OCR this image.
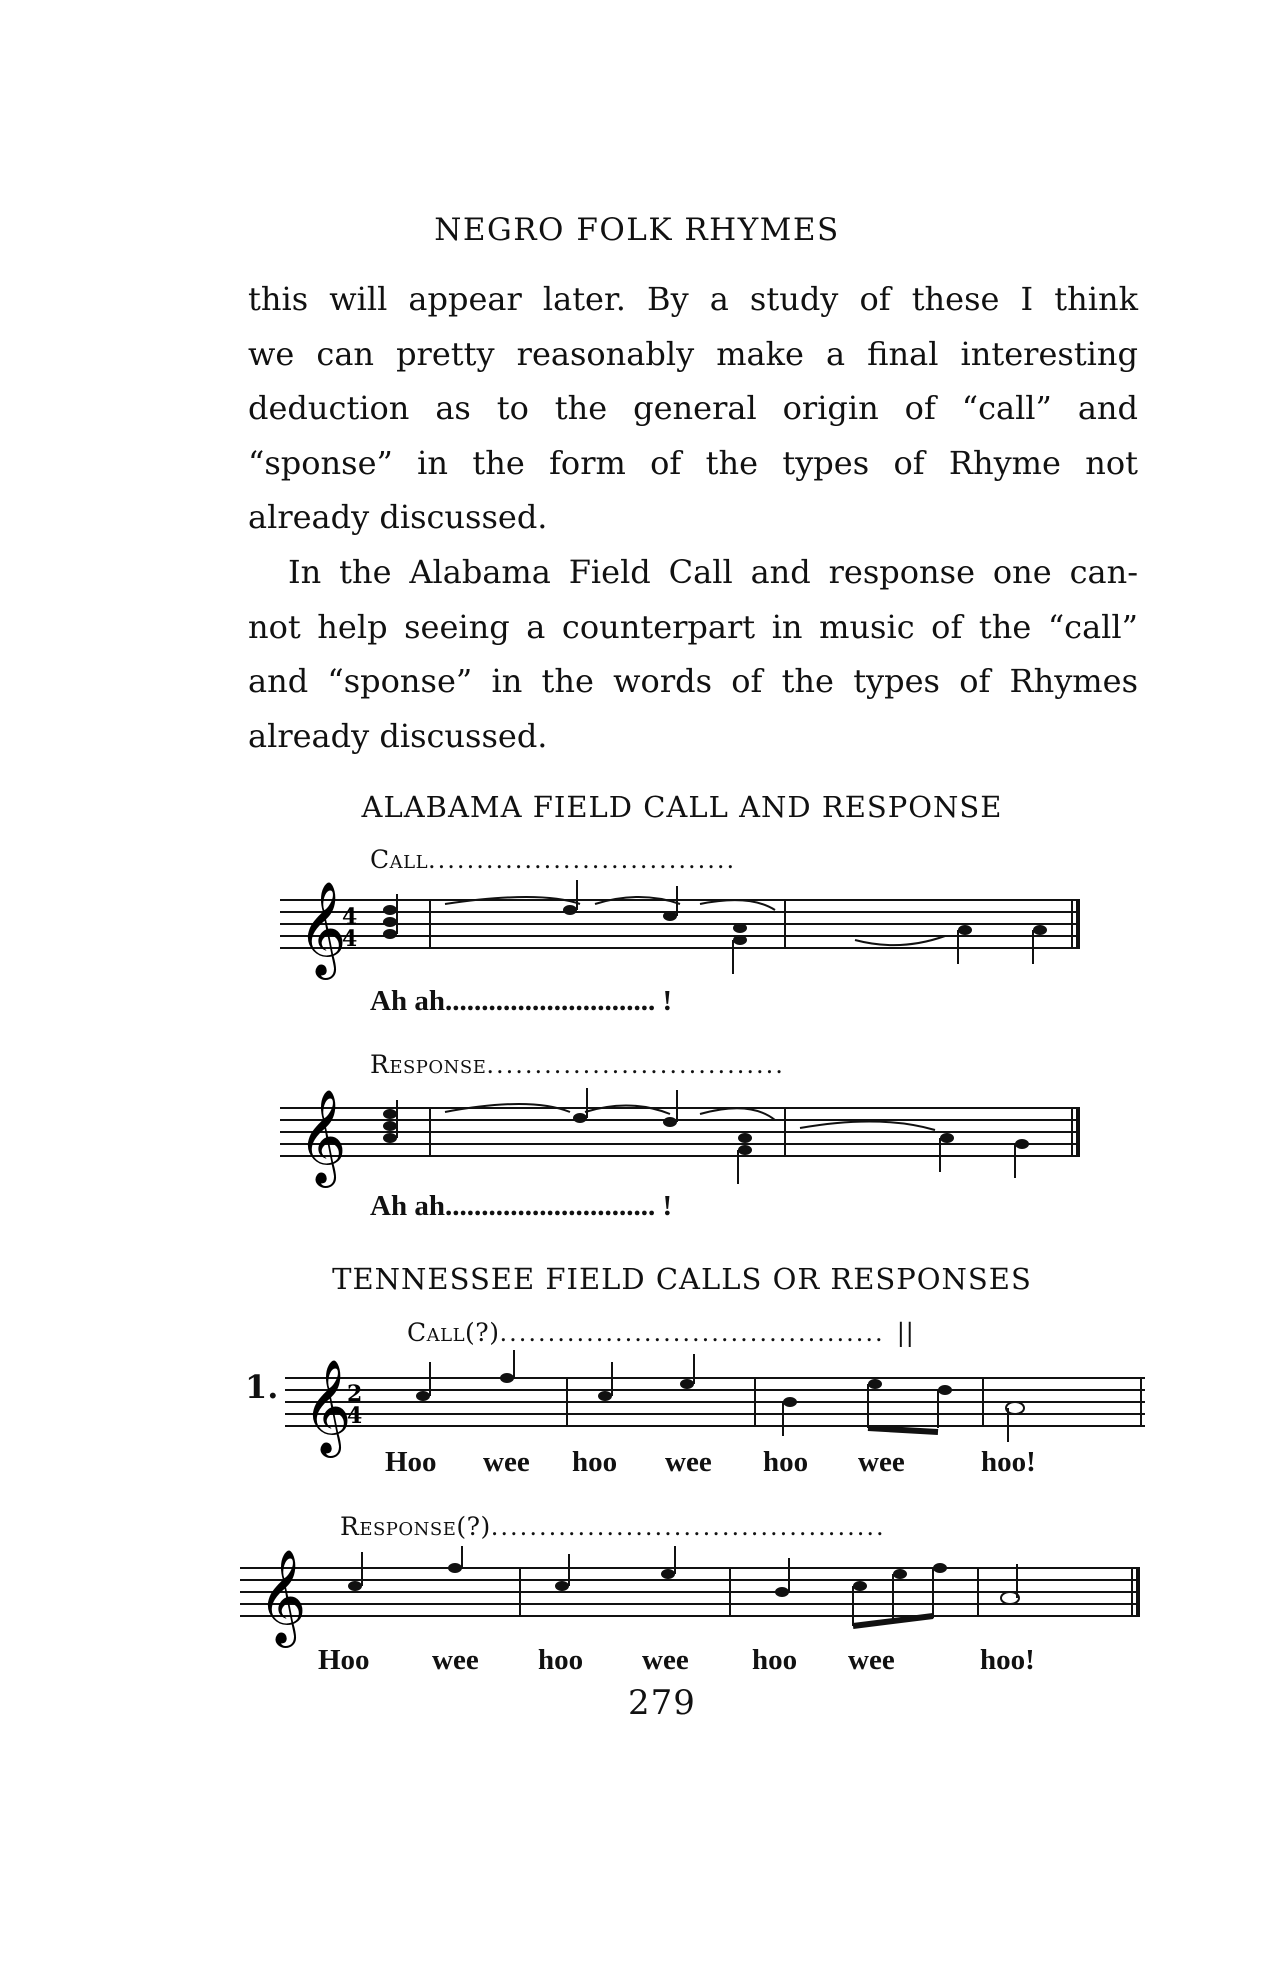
NEGRO FOLK RHYMES
this will appear later. By a study of these I think
we can pretty reasonably make a final interesting
deduction as to the general origin of “call” and
“sponse” in the form of the types of Rhyme not
already discussed.
In the Alabama Field Call and response one can-
not help seeing a counterpart in music of the “call”
and “sponse” in the words of the types of Rhymes
already discussed.
ALABAMA FIELD CALL AND RESPONSE
Call................................
𝄞
4
4
Ah ah............................. !
Response...............................
𝄞
Ah ah............................. !
TENNESSEE FIELD CALLS OR RESPONSES
Call(?)........................................ ||
1. 𝄞
2
4
Hoo wee hoo wee hoo wee	hoo!
Response(?).........................................
𝄞
Hoo wee hoo wee hoo wee	hoo!
279
